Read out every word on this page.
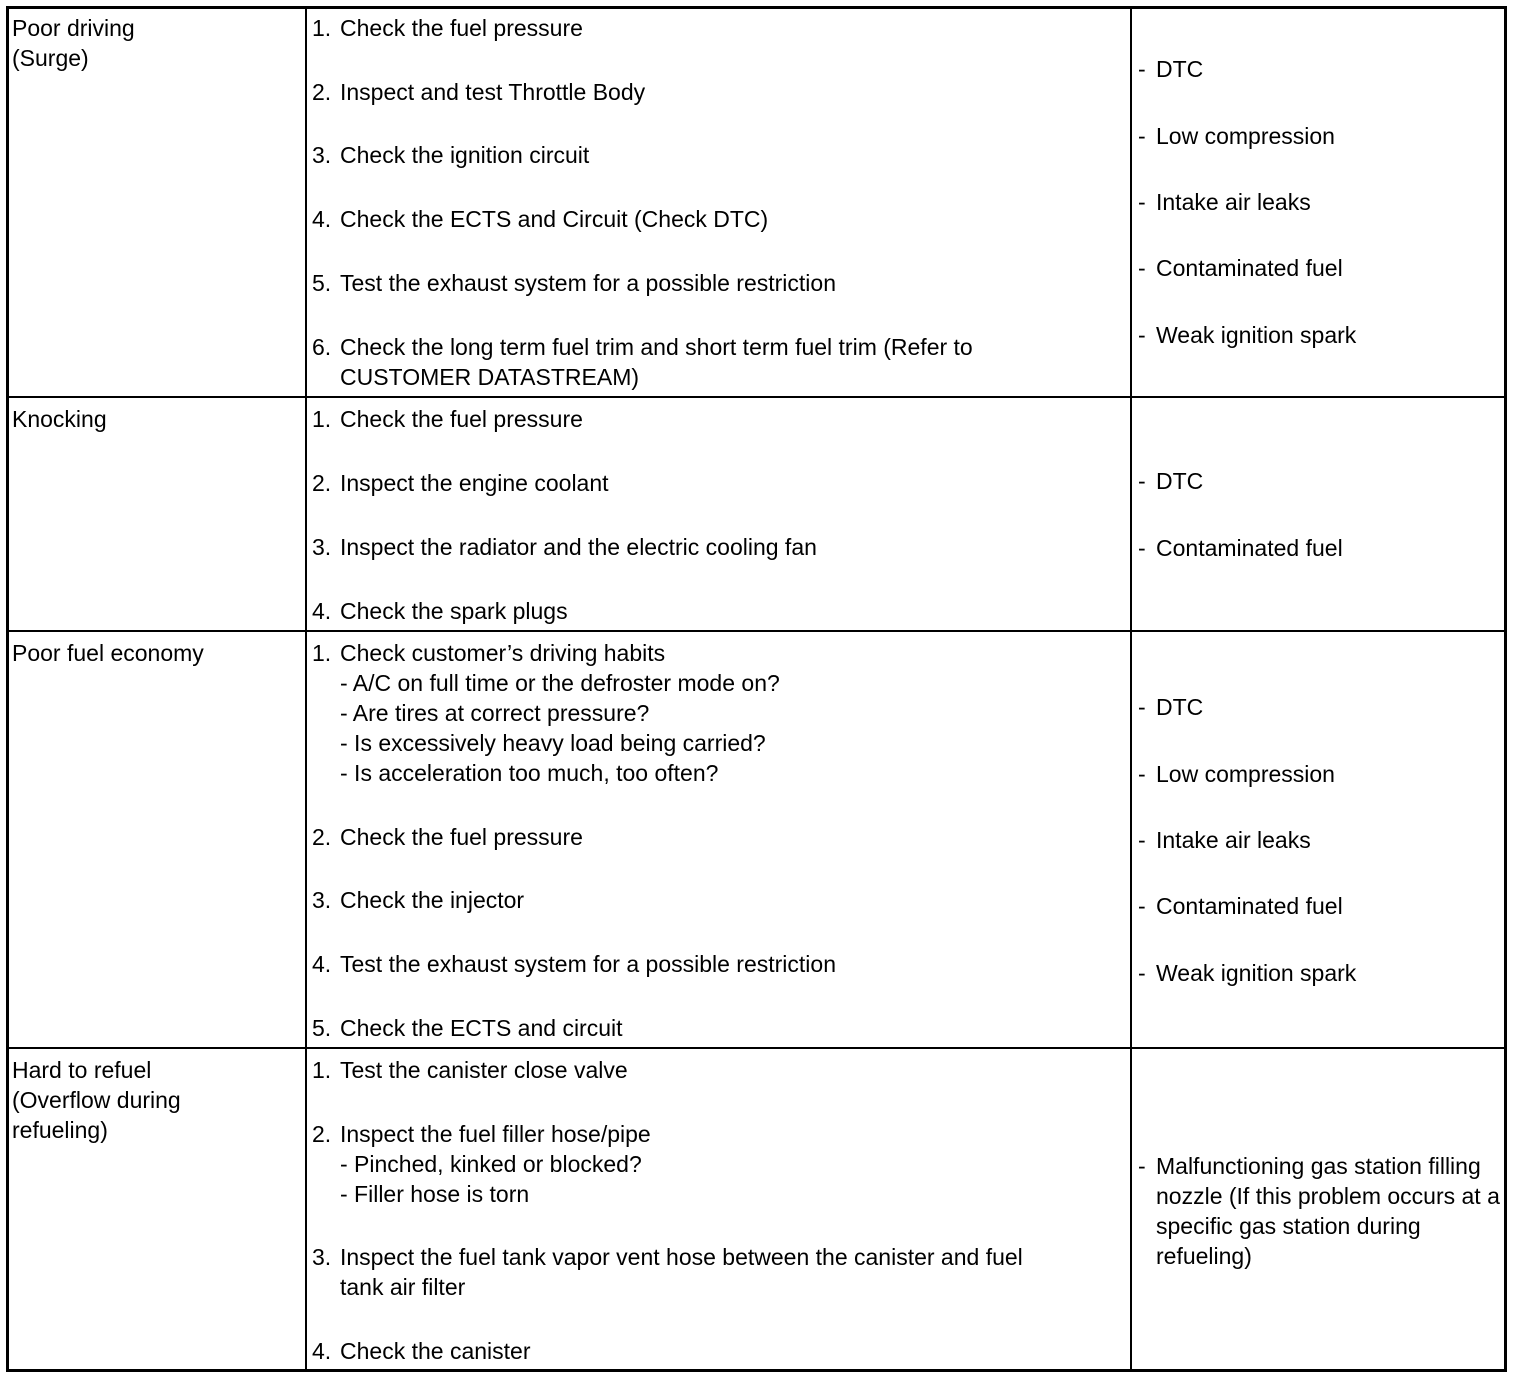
Poor driving
(Surge)
1. Check the fuel pressure
2. Inspect and test Throttle Body
3. Check the ignition circuit
4. Check the ECTS and Circuit (Check DTC)
5. Test the exhaust system for a possible restriction
6. Check the long term fuel trim and short term fuel trim (Refer to
CUSTOMER DATASTREAM)
- DTC
- Low compression
- Intake air leaks
- Contaminated fuel
- Weak ignition spark
Knocking	1. Check the fuel pressure
2. Inspect the engine coolant
3. Inspect the radiator and the electric cooling fan
4. Check the spark plugs
- DTC
- Contaminated fuel
Poor fuel economy	1. Check customer’s driving habits
- A/C on full time or the defroster mode on?
- Are tires at correct pressure?
- Is excessively heavy load being carried?
- Is acceleration too much, too often?
2. Check the fuel pressure
3. Check the injector
4. Test the exhaust system for a possible restriction
5. Check the ECTS and circuit
- DTC
- Low compression
- Intake air leaks
- Contaminated fuel
- Weak ignition spark
Hard to refuel
(Overflow during
refueling)
1. Test the canister close valve
2. Inspect the fuel filler hose/pipe
- Pinched, kinked or blocked?
- Filler hose is torn
3. Inspect the fuel tank vapor vent hose between the canister and fuel
tank air filter
4. Check the canister
- Malfunctioning gas station filling nozzle (If this problem occurs at a specific gas station during refueling)
